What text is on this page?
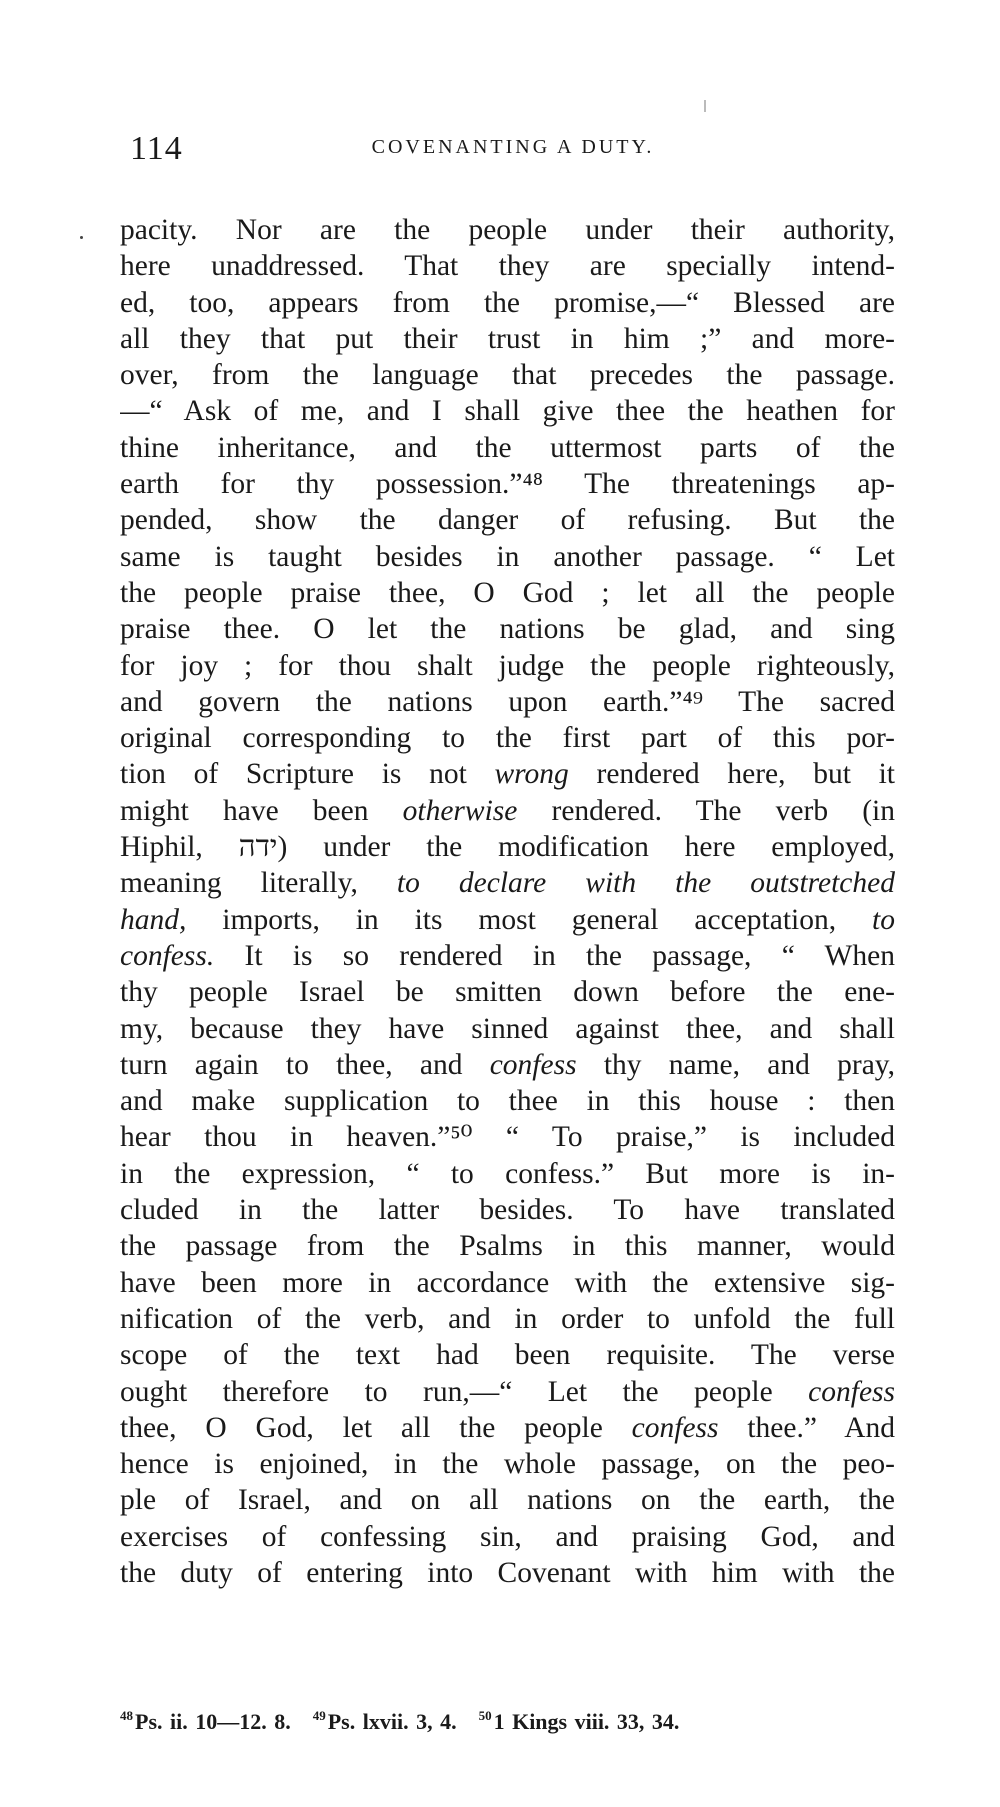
114	COVENANTING A DUTY.
pacity. Nor are the people under their authority,
here unaddressed. That they are specially intend-
ed, too, appears from the promise,—“ Blessed are
all they that put their trust in him ;” and more-
over, from the language that precedes the passage.
—“ Ask of me, and I shall give thee the heathen for
thine inheritance, and the uttermost parts of the
earth for thy possession.”⁴⁸ The threatenings ap-
pended, show the danger of refusing. But the
same is taught besides in another passage. “ Let
the people praise thee, O God ; let all the people
praise thee. O let the nations be glad, and sing
for joy ; for thou shalt judge the people righteously,
and govern the nations upon earth.”⁴⁹ The sacred
original corresponding to the first part of this por-
tion of Scripture is not wrong rendered here, but it
might have been otherwise rendered. The verb (in
Hiphil, ידה) under the modification here employed,
meaning literally, to declare with the outstretched
hand, imports, in its most general acceptation, to
confess. It is so rendered in the passage, “ When
thy people Israel be smitten down before the ene-
my, because they have sinned against thee, and shall
turn again to thee, and confess thy name, and pray,
and make supplication to thee in this house : then
hear thou in heaven.”⁵⁰ “ To praise,” is included
in the expression, “ to confess.” But more is in-
cluded in the latter besides. To have translated
the passage from the Psalms in this manner, would
have been more in accordance with the extensive sig-
nification of the verb, and in order to unfold the full
scope of the text had been requisite. The verse
ought therefore to run,—“ Let the people confess
thee, O God, let all the people confess thee.” And
hence is enjoined, in the whole passage, on the peo-
ple of Israel, and on all nations on the earth, the
exercises of confessing sin, and praising God, and
the duty of entering into Covenant with him with the
$^{48}$Ps. ii. 10—12. 8. $^{49}$Ps. lxvii. 3, 4. $^{50}$1 Kings viii. 33, 34.
